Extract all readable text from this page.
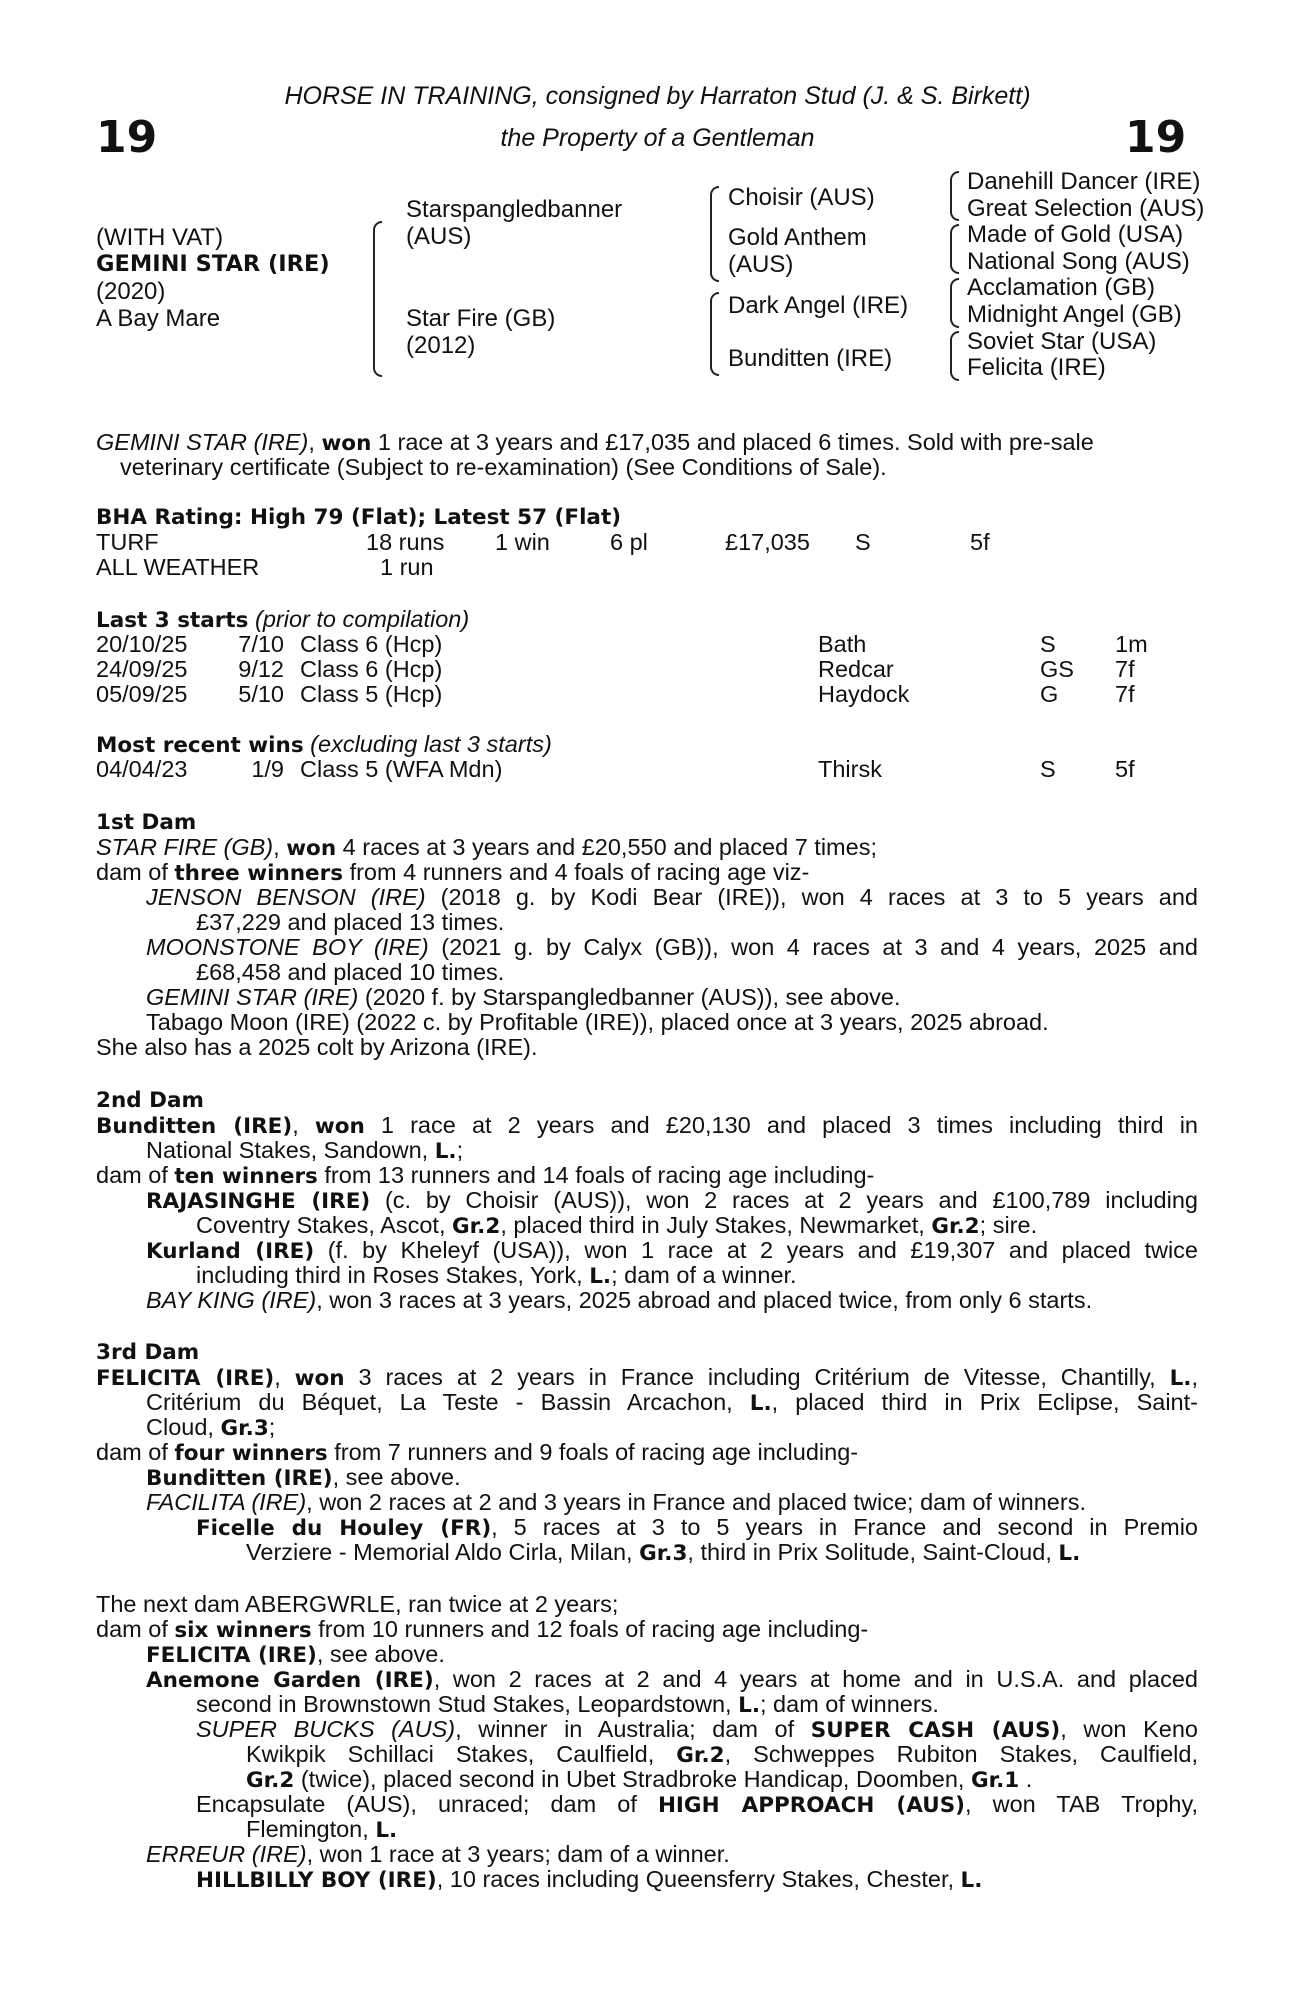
19	19
HORSE IN TRAINING, consigned by Harraton Stud (J. & S. Birkett)
the Property of a Gentleman
(WITH VAT)
GEMINI STAR (IRE)
(2020)
A Bay Mare
Starspangledbanner
(AUS)
Star Fire (GB)
(2012)
Choisir (AUS)
Gold Anthem
(AUS)
Dark Angel (IRE)
Bunditten (IRE)
Danehill Dancer (IRE)
Great Selection (AUS)
Made of Gold (USA)
National Song (AUS)
Acclamation (GB)
Midnight Angel (GB)
Soviet Star (USA)
Felicita (IRE)
GEMINI STAR (IRE), won 1 race at 3 years and £17,035 and placed 6 times. Sold with pre-sale
veterinary certificate (Subject to re-examination) (See Conditions of Sale).
BHA Rating: High 79 (Flat); Latest 57 (Flat)
TURF	18 runs 1 win	6 pl	£17,035 S	5f
ALL WEATHER	1 run
Last 3 starts (prior to compilation)
20/10/25	7/10 Class 6 (Hcp)	Bath	S	1m
24/09/25	9/12 Class 6 (Hcp)	Redcar	GS 7f
05/09/25	5/10 Class 5 (Hcp)	Haydock	G 7f
Most recent wins (excluding last 3 starts)
04/04/23	1/9 Class 5 (WFA Mdn)	Thirsk	S	5f
1st Dam
STAR FIRE (GB), won 4 races at 3 years and £20,550 and placed 7 times;
dam of three winners from 4 runners and 4 foals of racing age viz-
JENSON BENSON (IRE) (2018 g. by Kodi Bear (IRE)), won 4 races at 3 to 5 years and
£37,229 and placed 13 times.
MOONSTONE BOY (IRE) (2021 g. by Calyx (GB)), won 4 races at 3 and 4 years, 2025 and
£68,458 and placed 10 times.
GEMINI STAR (IRE) (2020 f. by Starspangledbanner (AUS)), see above.
Tabago Moon (IRE) (2022 c. by Profitable (IRE)), placed once at 3 years, 2025 abroad.
She also has a 2025 colt by Arizona (IRE).
2nd Dam
Bunditten (IRE), won 1 race at 2 years and £20,130 and placed 3 times including third in
National Stakes, Sandown, L.;
dam of ten winners from 13 runners and 14 foals of racing age including-
RAJASINGHE (IRE) (c. by Choisir (AUS)), won 2 races at 2 years and £100,789 including
Coventry Stakes, Ascot, Gr.2, placed third in July Stakes, Newmarket, Gr.2; sire.
Kurland (IRE) (f. by Kheleyf (USA)), won 1 race at 2 years and £19,307 and placed twice
including third in Roses Stakes, York, L.; dam of a winner.
BAY KING (IRE), won 3 races at 3 years, 2025 abroad and placed twice, from only 6 starts.
3rd Dam
FELICITA (IRE), won 3 races at 2 years in France including Critérium de Vitesse, Chantilly, L.,
Critérium du Béquet, La Teste - Bassin Arcachon, L., placed third in Prix Eclipse, Saint-
Cloud, Gr.3;
dam of four winners from 7 runners and 9 foals of racing age including-
Bunditten (IRE), see above.
FACILITA (IRE), won 2 races at 2 and 3 years in France and placed twice; dam of winners.
Ficelle du Houley (FR), 5 races at 3 to 5 years in France and second in Premio
Verziere - Memorial Aldo Cirla, Milan, Gr.3, third in Prix Solitude, Saint-Cloud, L.
The next dam ABERGWRLE, ran twice at 2 years;
dam of six winners from 10 runners and 12 foals of racing age including-
FELICITA (IRE), see above.
Anemone Garden (IRE), won 2 races at 2 and 4 years at home and in U.S.A. and placed
second in Brownstown Stud Stakes, Leopardstown, L.; dam of winners.
SUPER BUCKS (AUS), winner in Australia; dam of SUPER CASH (AUS), won Keno
Kwikpik Schillaci Stakes, Caulfield, Gr.2, Schweppes Rubiton Stakes, Caulfield,
Gr.2 (twice), placed second in Ubet Stradbroke Handicap, Doomben, Gr.1 .
Encapsulate (AUS), unraced; dam of HIGH APPROACH (AUS), won TAB Trophy,
Flemington, L.
ERREUR (IRE), won 1 race at 3 years; dam of a winner.
HILLBILLY BOY (IRE), 10 races including Queensferry Stakes, Chester, L.
